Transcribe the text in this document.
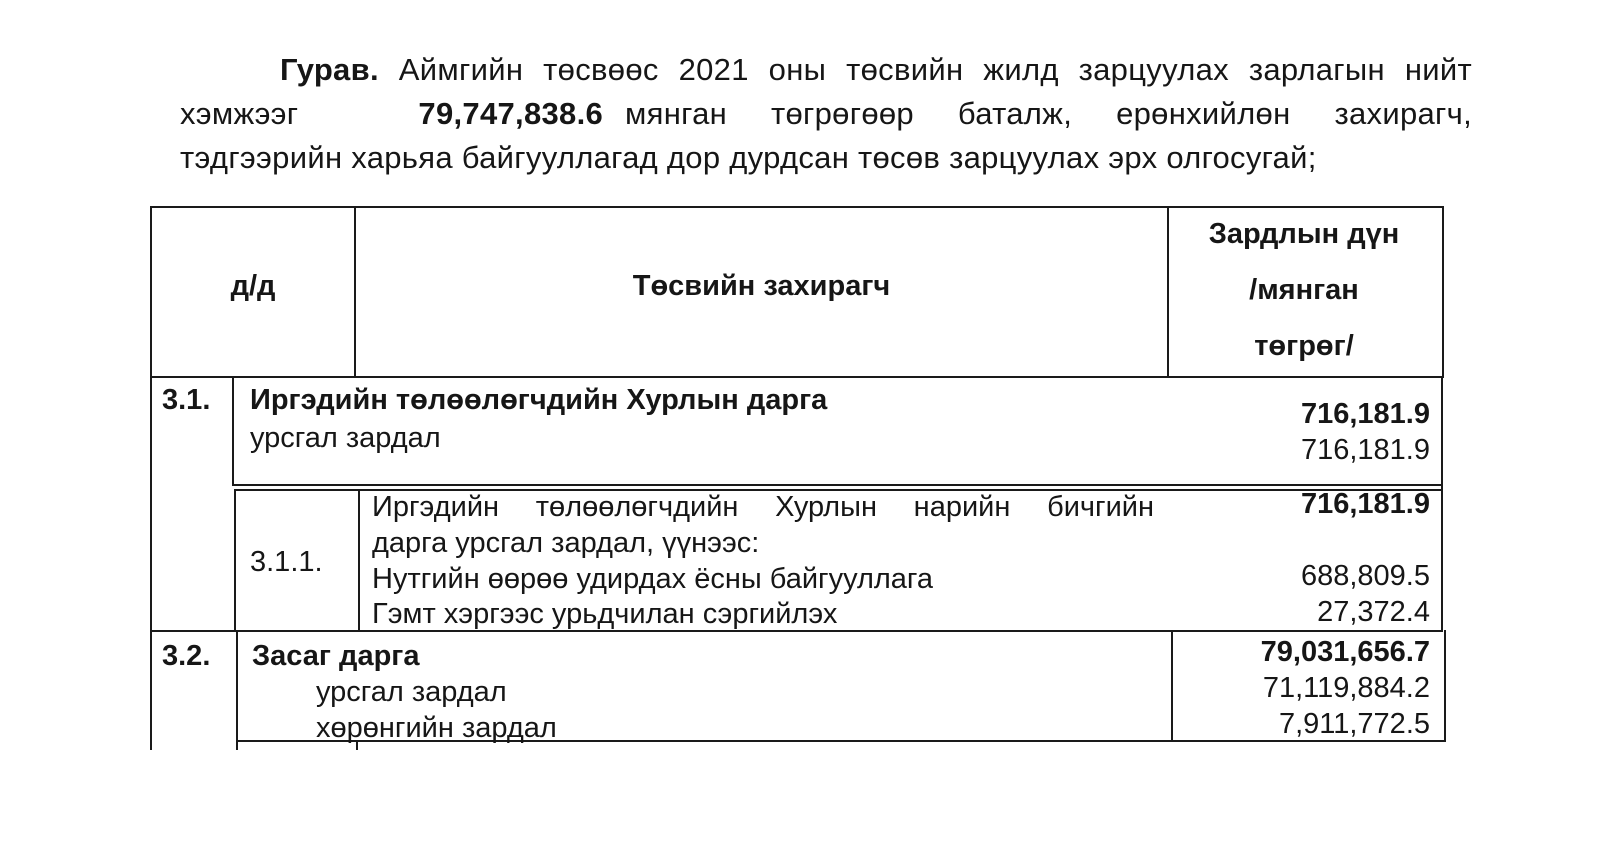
Гурав. Аймгийн төсвөөс 2021 оны төсвийн жилд зарцуулах зарлагын нийт
хэмжээг	79,747,838.6 мянган төгрөгөөр баталж, ерөнхийлөн захирагч,
тэдгээрийн харьяа байгууллагад дор дурдсан төсөв зарцуулах эрх олгосугай;
д/д	Төсвийн захирагч
Зардлын дүн
/мянган
төгрөг/
3.1. Иргэдийн төлөөлөгчдийн Хурлын дарга
урсгал зардал
716,181.9
716,181.9
3.1.1.
Иргэдийн төлөөлөгчдийн Хурлын нарийн бичгийн
дарга урсгал зардал, үүнээс:
Нутгийн өөрөө удирдах ёсны байгууллага
Гэмт хэргээс урьдчилан сэргийлэх
716,181.9
688,809.5
27,372.4
3.2. Засаг дарга
урсгал зардал
хөрөнгийн зардал
79,031,656.7
71,119,884.2
7,911,772.5
